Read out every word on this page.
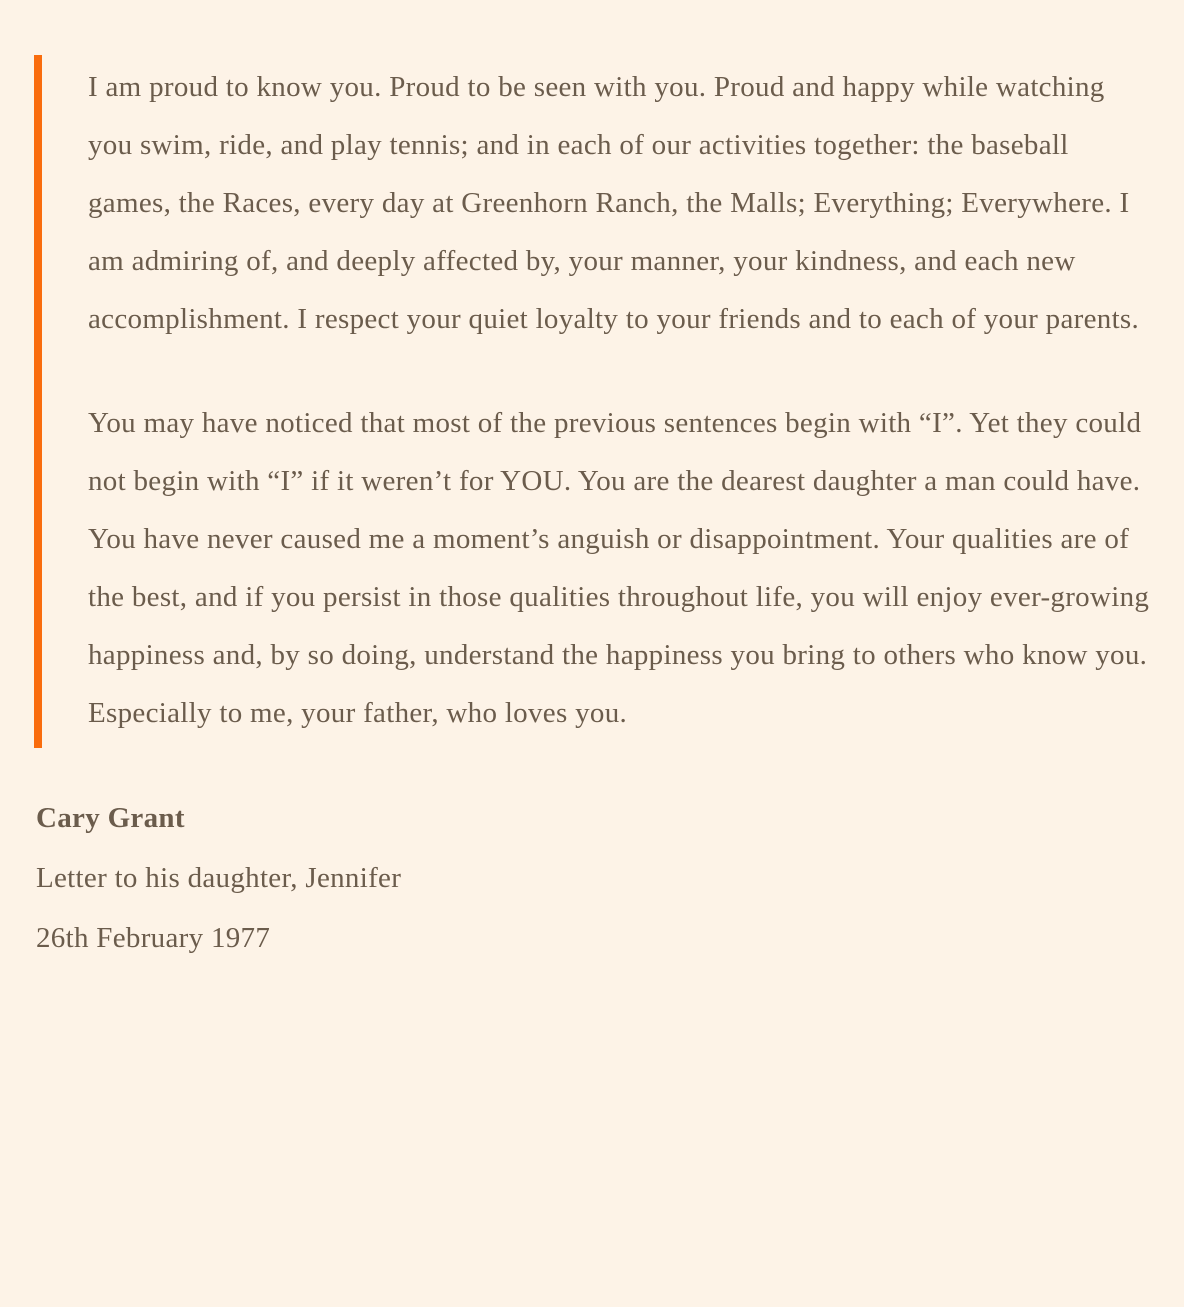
I am proud to know you. Proud to be seen with you. Proud and happy while watching you swim, ride, and play tennis; and in each of our activities together: the baseball games, the Races, every day at Greenhorn Ranch, the Malls; Everything; Everywhere. I am admiring of, and deeply affected by, your manner, your kindness, and each new accomplishment. I respect your quiet loyalty to your friends and to each of your parents.

You may have noticed that most of the previous sentences begin with “I”. Yet they could not begin with “I” if it weren’t for YOU. You are the dearest daughter a man could have. You have never caused me a moment’s anguish or disappointment. Your qualities are of the best, and if you persist in those qualities throughout life, you will enjoy ever-growing happiness and, by so doing, understand the happiness you bring to others who know you. Especially to me, your father, who loves you.

Cary Grant

Letter to his daughter, Jennifer

26th February 1977
